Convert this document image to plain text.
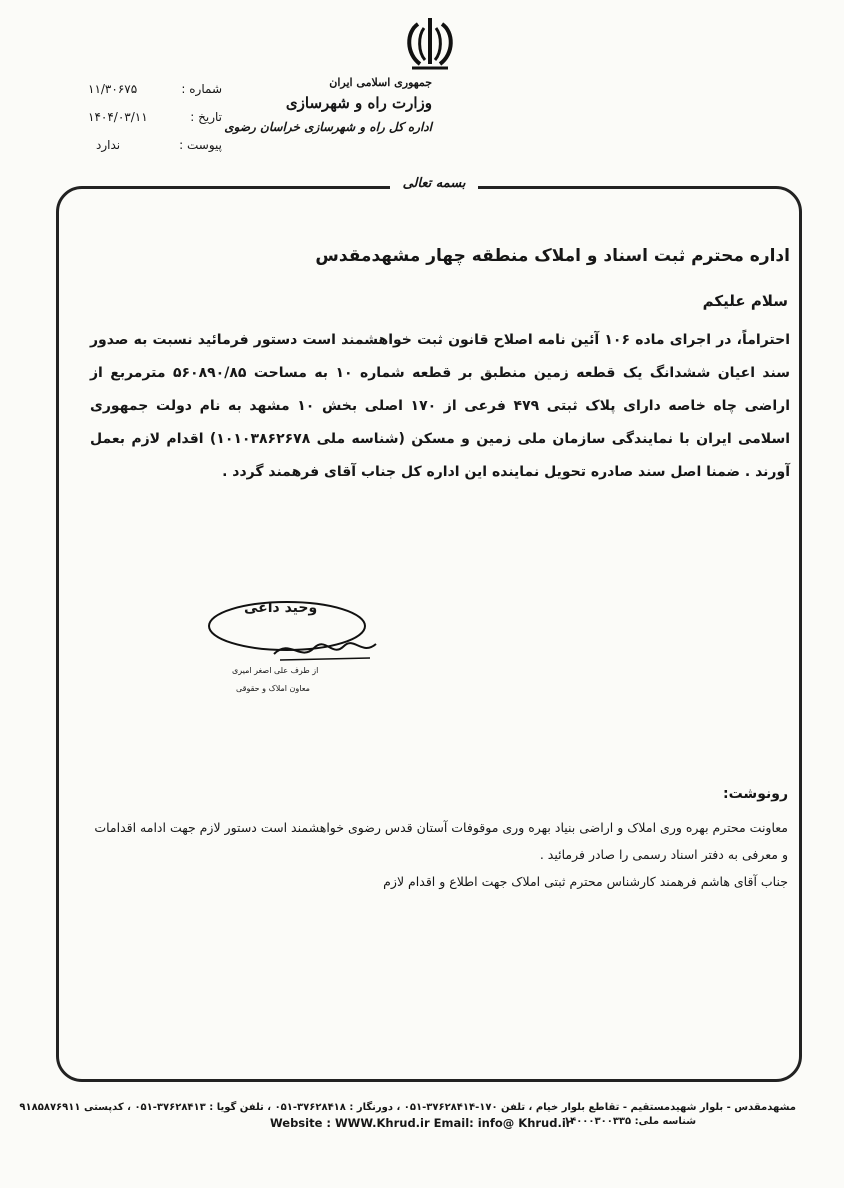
جمهوری اسلامی ایران
وزارت راه و شهرسازی
اداره کل راه و شهرسازی خراسان رضوی
شماره :
۱۱/۳۰۶۷۵
تاریخ :
۱۴۰۴/۰۳/۱۱
پیوست :
ندارد
بسمه تعالی
اداره محترم ثبت اسناد و املاک منطقه چهار مشهدمقدس
سلام علیکم
احتراماً، در اجرای ماده ۱۰۶ آئین نامه اصلاح قانون ثبت خواهشمند است دستور فرمائید نسبت به صدور سند اعیان ششدانگ یک قطعه زمین منطبق بر قطعه شماره ۱۰ به مساحت ۵۶۰۸۹۰/۸۵ مترمربع از اراضی چاه خاصه دارای پلاک ثبتی ۴۷۹ فرعی از ۱۷۰ اصلی بخش ۱۰ مشهد به نام دولت جمهوری اسلامی ایران با نمایندگی سازمان ملی زمین و مسکن (شناسه ملی ۱۰۱۰۳۸۶۲۶۷۸) اقدام لازم بعمل آورند . ضمنا اصل سند صادره تحویل نماینده این اداره کل جناب آقای فرهمند گردد .
وحید داعی
از طرف علی اصغر امیری
معاون املاک و حقوقی
رونوشت:

معاونت محترم بهره وری املاک و اراضی بنیاد بهره وری موقوفات آستان قدس رضوی خواهشمند است دستور لازم جهت ادامه اقدامات و معرفی به دفتر اسناد رسمی را صادر فرمائید .

جناب آقای هاشم فرهمند کارشناس محترم ثبتی املاک جهت اطلاع و اقدام لازم

مشهدمقدس - بلوار شهیدمستقیم - تقاطع بلوار خیام ، تلفن ۱۷۰-۳۷۶۲۸۴۱۴-۰۵۱ ، دورنگار : ۳۷۶۲۸۴۱۸-۰۵۱ ، تلفن گویا : ۳۷۶۲۸۴۱۳-۰۵۱ ، کدپستی ۹۱۸۵۸۷۶۹۱۱
Website : WWW.Khrud.ir Email: info@ Khrud.ir
شناسه ملی: ۱۴۰۰۰۳۰۰۳۳۵
